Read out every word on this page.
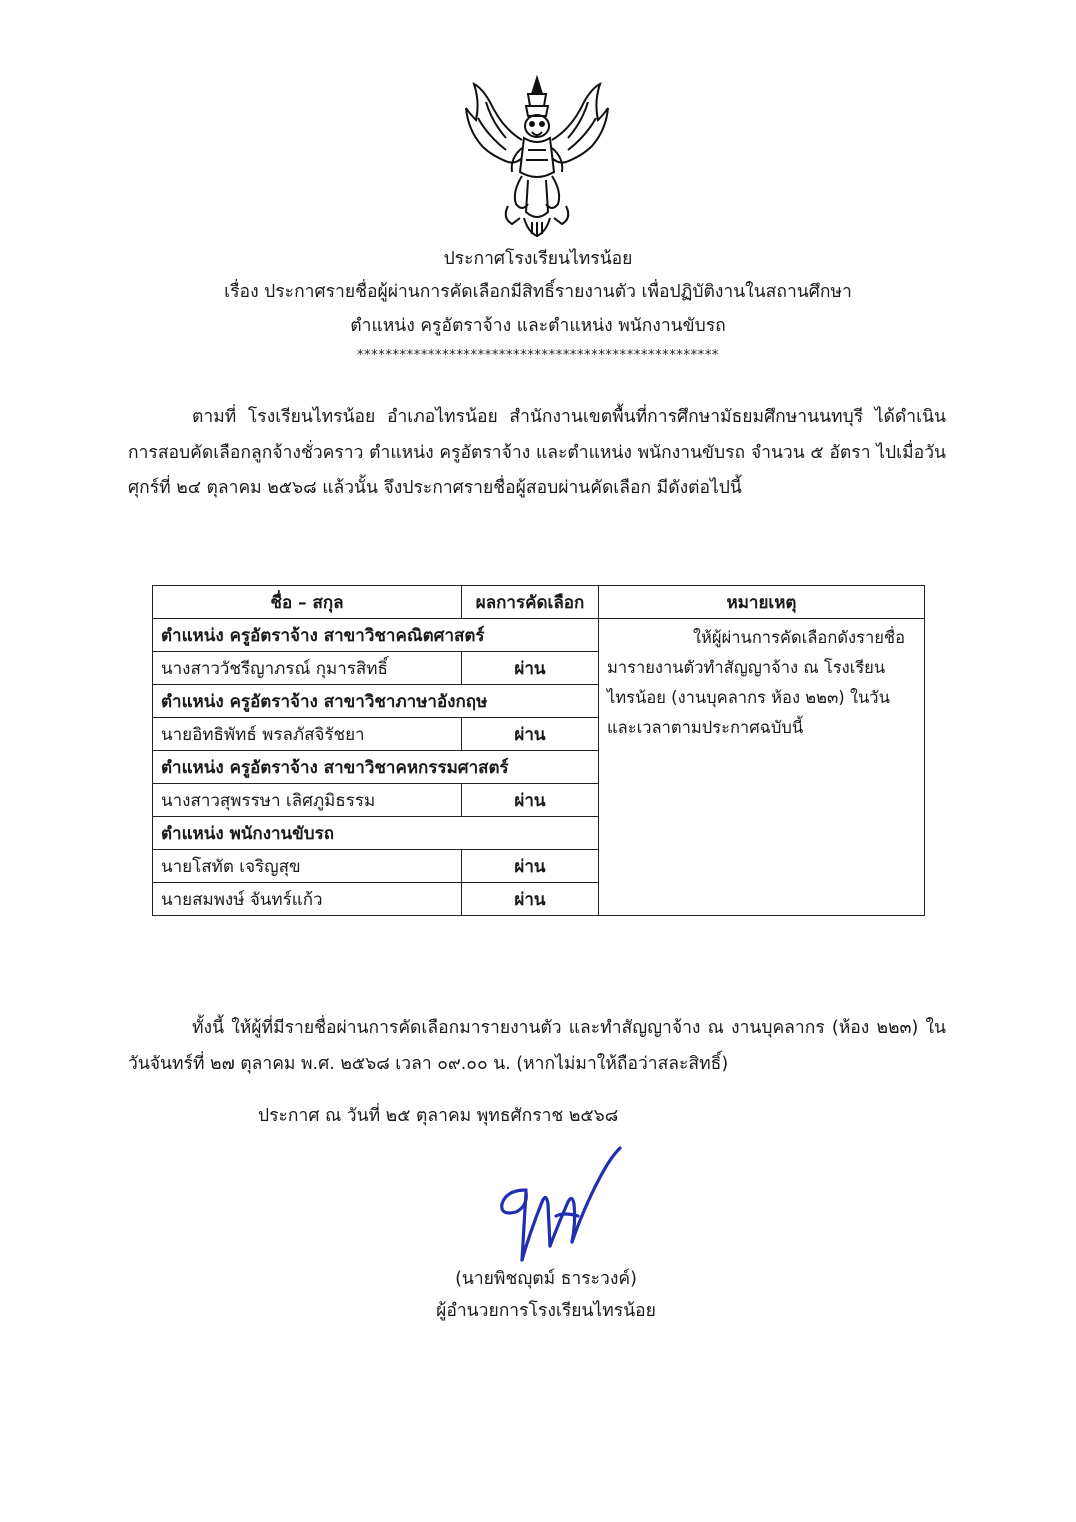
ประกาศโรงเรียนไทรน้อย
เรื่อง ประกาศรายชื่อผู้ผ่านการคัดเลือกมีสิทธิ์รายงานตัว เพื่อปฏิบัติงานในสถานศึกษา
ตำแหน่ง ครูอัตราจ้าง และตำแหน่ง พนักงานขับรถ
***************************************************
ตามที่ โรงเรียนไทรน้อย อำเภอไทรน้อย สำนักงานเขตพื้นที่การศึกษามัธยมศึกษานนทบุรี ได้ดำเนินการสอบคัดเลือกลูกจ้างชั่วคราว ตำแหน่ง ครูอัตราจ้าง และตำแหน่ง พนักงานขับรถ จำนวน ๕ อัตรา ไปเมื่อวันศุกร์ที่ ๒๔ ตุลาคม ๒๕๖๘ แล้วนั้น จึงประกาศรายชื่อผู้สอบผ่านคัดเลือก มีดังต่อไปนี้
ชื่อ – สกุล	ผลการคัดเลือก	หมายเหตุ
ตำแหน่ง ครูอัตราจ้าง สาขาวิชาคณิตศาสตร์		ให้ผู้ผ่านการคัดเลือกดังรายชื่อ มารายงานตัวทำสัญญาจ้าง ณ โรงเรียนไทรน้อย (งานบุคลากร ห้อง ๒๒๓) ในวันและเวลาตามประกาศฉบับนี้
นางสาววัชรีญาภรณ์ กุมารสิทธิ์	ผ่าน	
ตำแหน่ง ครูอัตราจ้าง สาขาวิชาภาษาอังกฤษ		
นายอิทธิพัทธ์ พรลภัสจิรัชยา	ผ่าน	
ตำแหน่ง ครูอัตราจ้าง สาขาวิชาคหกรรมศาสตร์		
นางสาวสุพรรษา เลิศภูมิธรรม	ผ่าน	
ตำแหน่ง พนักงานขับรถ		
นายโสทัต เจริญสุข	ผ่าน	
นายสมพงษ์ จันทร์แก้ว	ผ่าน	
ทั้งนี้ ให้ผู้ที่มีรายชื่อผ่านการคัดเลือกมารายงานตัว และทำสัญญาจ้าง ณ งานบุคลากร (ห้อง ๒๒๓) ในวันจันทร์ที่ ๒๗ ตุลาคม พ.ศ. ๒๕๖๘ เวลา ๐๙.๐๐ น. (หากไม่มาให้ถือว่าสละสิทธิ์)
ประกาศ ณ วันที่ ๒๕ ตุลาคม พุทธศักราช ๒๕๖๘
(นายพิชญุตม์ ธาระวงค์)
ผู้อำนวยการโรงเรียนไทรน้อย
